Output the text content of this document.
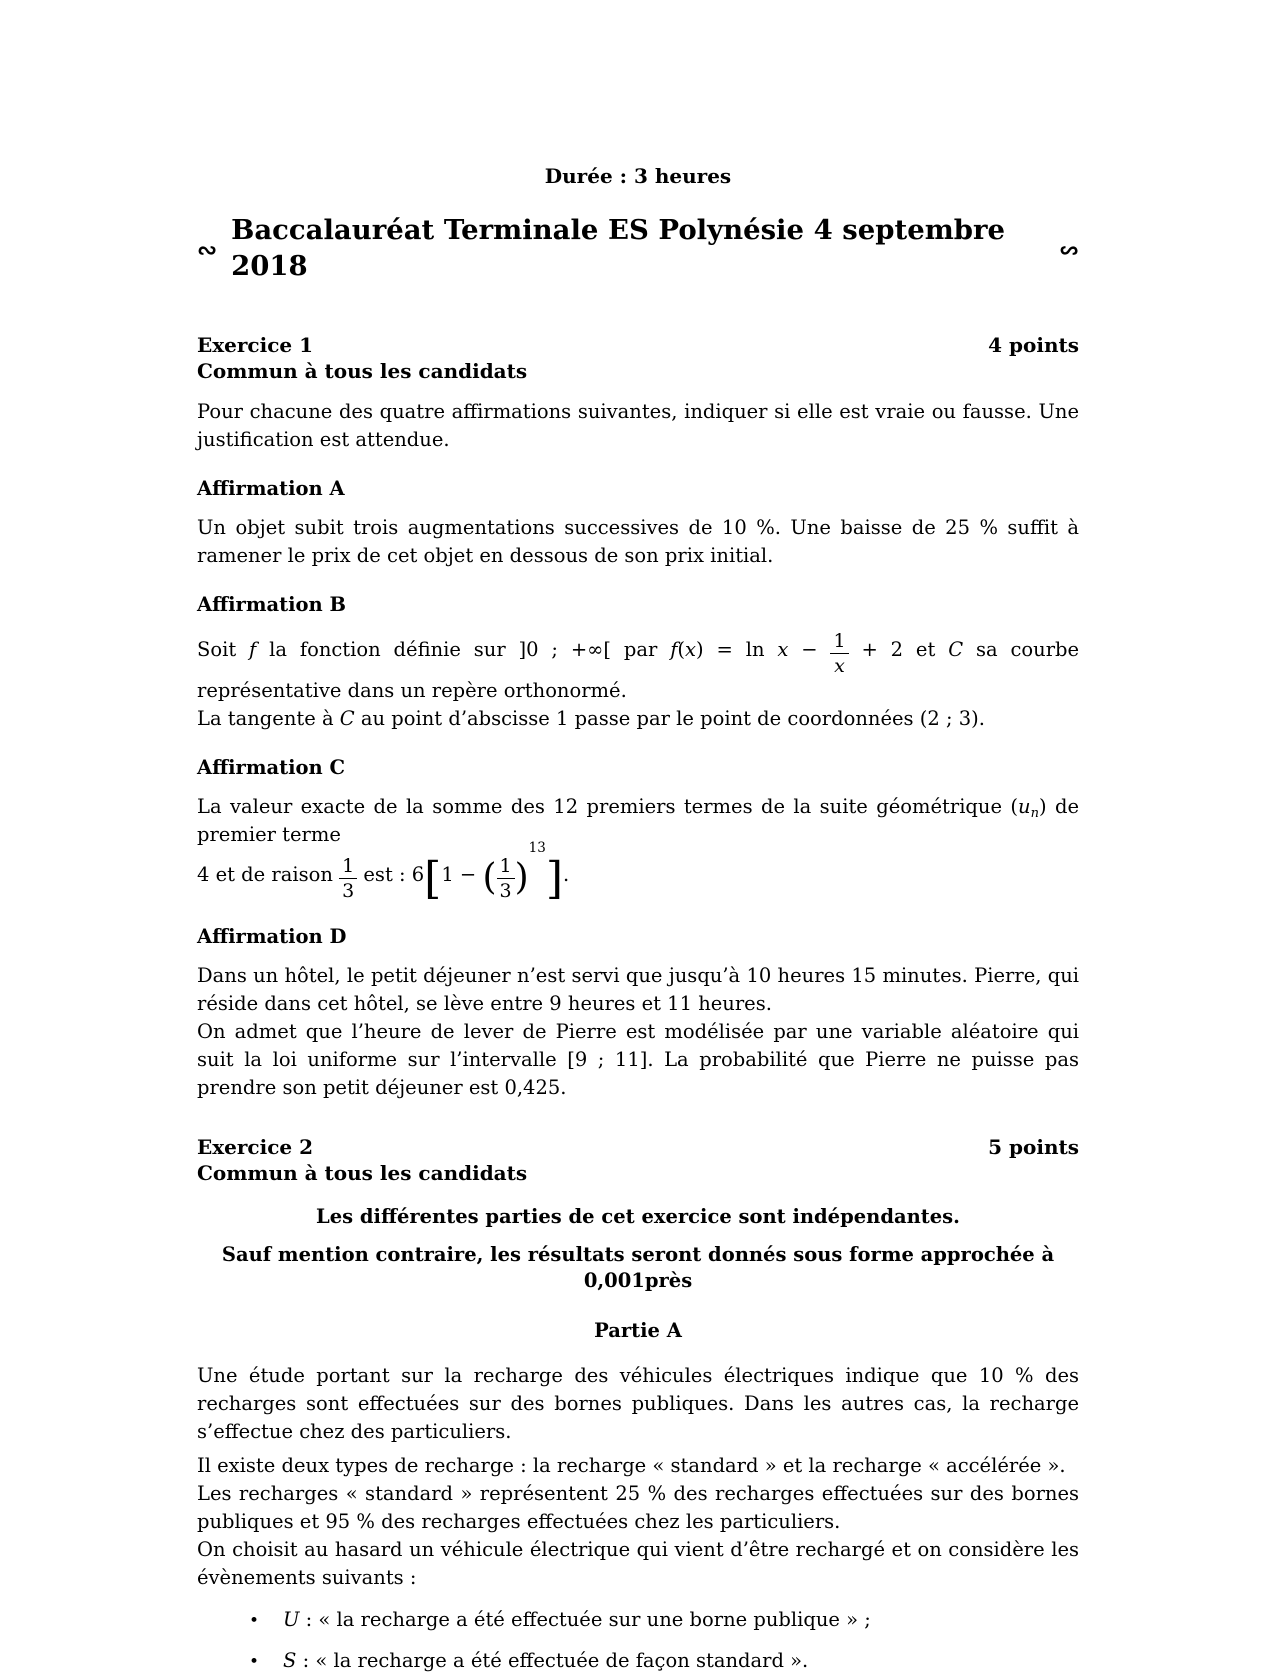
Durée : 3 heures
∾
Baccalauréat Terminale ES Polynésie 4 septembre 2018	∾
Exercice 1	4 points
Commun à tous les candidats

Pour chacune des quatre affirmations suivantes, indiquer si elle est vraie ou fausse. Une justification est attendue.

Affirmation A

Un objet subit trois augmentations successives de 10 %. Une baisse de 25 % suffit à ramener le prix de cet objet en dessous de son prix initial.

Affirmation B

Soit f la fonction définie sur ]0 ; +∞[ par $f(x) = \ln x - \frac{1}{x} + 2$ et C sa courbe représentative dans un repère orthonormé.

La tangente à C au point d’abscisse 1 passe par le point de coordonnées (2 ; 3).

Affirmation C

La valeur exacte de la somme des 12 premiers termes de la suite géométrique $(u_n)$ de premier terme

4 et de raison $\frac{1}{3}$ est : 6[1 − ( $\frac{1}{3} )^{13}$].

Affirmation D

Dans un hôtel, le petit déjeuner n’est servi que jusqu’à 10 heures 15 minutes. Pierre, qui réside dans cet hôtel, se lève entre 9 heures et 11 heures.

On admet que l’heure de lever de Pierre est modélisée par une variable aléatoire qui suit la loi uniforme sur l’intervalle [9 ; 11]. La probabilité que Pierre ne puisse pas prendre son petit déjeuner est 0,425.

Exercice 2	5 points
Commun à tous les candidats
Les différentes parties de cet exercice sont indépendantes.
Sauf mention contraire, les résultats seront donnés sous forme approchée à 0,001près
Partie A

Une étude portant sur la recharge des véhicules électriques indique que 10 % des recharges sont effectuées sur des bornes publiques. Dans les autres cas, la recharge s’effectue chez des particuliers.

Il existe deux types de recharge : la recharge « standard » et la recharge « accélérée ».

Les recharges « standard » représentent 25 % des recharges effectuées sur des bornes publiques et 95 % des recharges effectuées chez les particuliers.

On choisit au hasard un véhicule électrique qui vient d’être rechargé et on considère les évènements suivants :

• U : « la recharge a été effectuée sur une borne publique » ;
• S : « la recharge a été effectuée de façon standard ».
